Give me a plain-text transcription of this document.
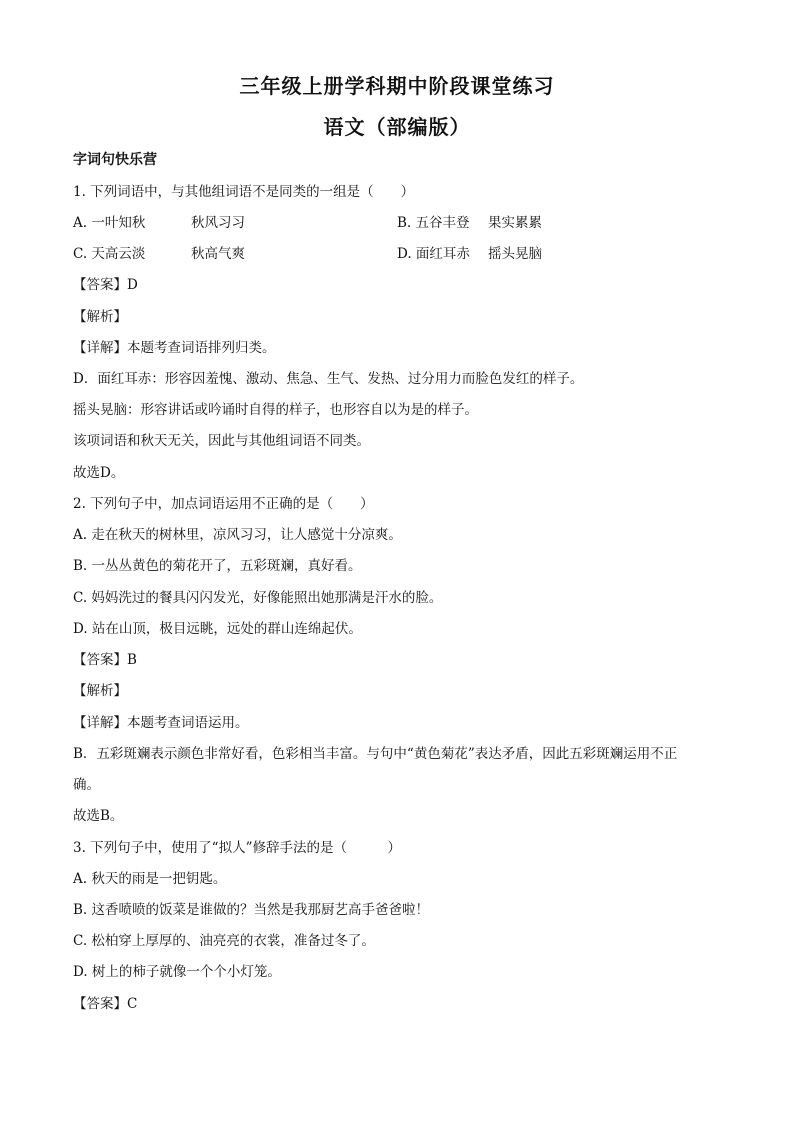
三年级上册学科期中阶段课堂练习
语文（部编版）
字词句快乐营
1. 下列词语中，与其他组词语不是同类的一组是（　　）
A. 一叶知秋	秋风习习	B. 五谷丰登 果实累累
C. 天高云淡	秋高气爽	D. 面红耳赤 摇头晃脑
【答案】D
【解析】
【详解】本题考查词语排列归类。
D．面红耳赤：形容因羞愧、激动、焦急、生气、发热、过分用力而脸色发红的样子。
摇头晃脑：形容讲话或吟诵时自得的样子，也形容自以为是的样子。
该项词语和秋天无关，因此与其他组词语不同类。
故选D。
2. 下列句子中，加点词语运用不正确的是（　　）
A. 走在秋天的树林里，凉风习习，让人感觉十分凉爽。
B. 一丛丛黄色的菊花开了，五彩斑斓，真好看。
C. 妈妈洗过的餐具闪闪发光，好像能照出她那满是汗水的脸。
D. 站在山顶，极目远眺，远处的群山连绵起伏。
【答案】B
【解析】
【详解】本题考查词语运用。
B．五彩斑斓表示颜色非常好看，色彩相当丰富。与句中“黄色菊花”表达矛盾，因此五彩斑斓运用不正
确。
故选B。
3. 下列句子中，使用了“拟人”修辞手法的是（　　　）
A. 秋天的雨是一把钥匙。
B. 这香喷喷的饭菜是谁做的？当然是我那厨艺高手爸爸啦！
C. 松柏穿上厚厚的、油亮亮的衣裳，准备过冬了。
D. 树上的柿子就像一个个小灯笼。
【答案】C
